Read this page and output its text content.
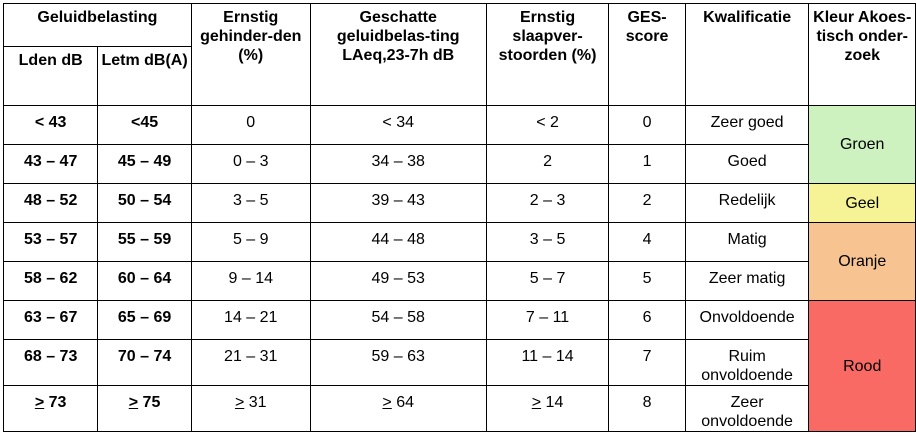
Geluidbelasting		Ernstig gehinder-den (%)	Geschatte geluidbelas-ting LAeq,23-7h dB	Ernstig slaapver-stoorden (%)	GES-score	Kwalificatie	Kleur Akoes-tisch onder-zoek
Lden dB	Letm dB(A)						
< 43	<45	0	< 34	< 2	0	Zeer goed	Groen
43 – 47	45 – 49	0 – 3	34 – 38	2	1	Goed	
48 – 52	50 – 54	3 – 5	39 – 43	2 – 3	2	Redelijk	Geel
53 – 57	55 – 59	5 – 9	44 – 48	3 – 5	4	Matig	Oranje
58 – 62	60 – 64	9 – 14	49 – 53	5 – 7	5	Zeer matig	
63 – 67	65 – 69	14 – 21	54 – 58	7 – 11	6	Onvoldoende	Rood
68 – 73	70 – 74	21 – 31	59 – 63	11 – 14	7	Ruim onvoldoende	
> 73	> 75	> 31	> 64	> 14	8	Zeer onvoldoende	
